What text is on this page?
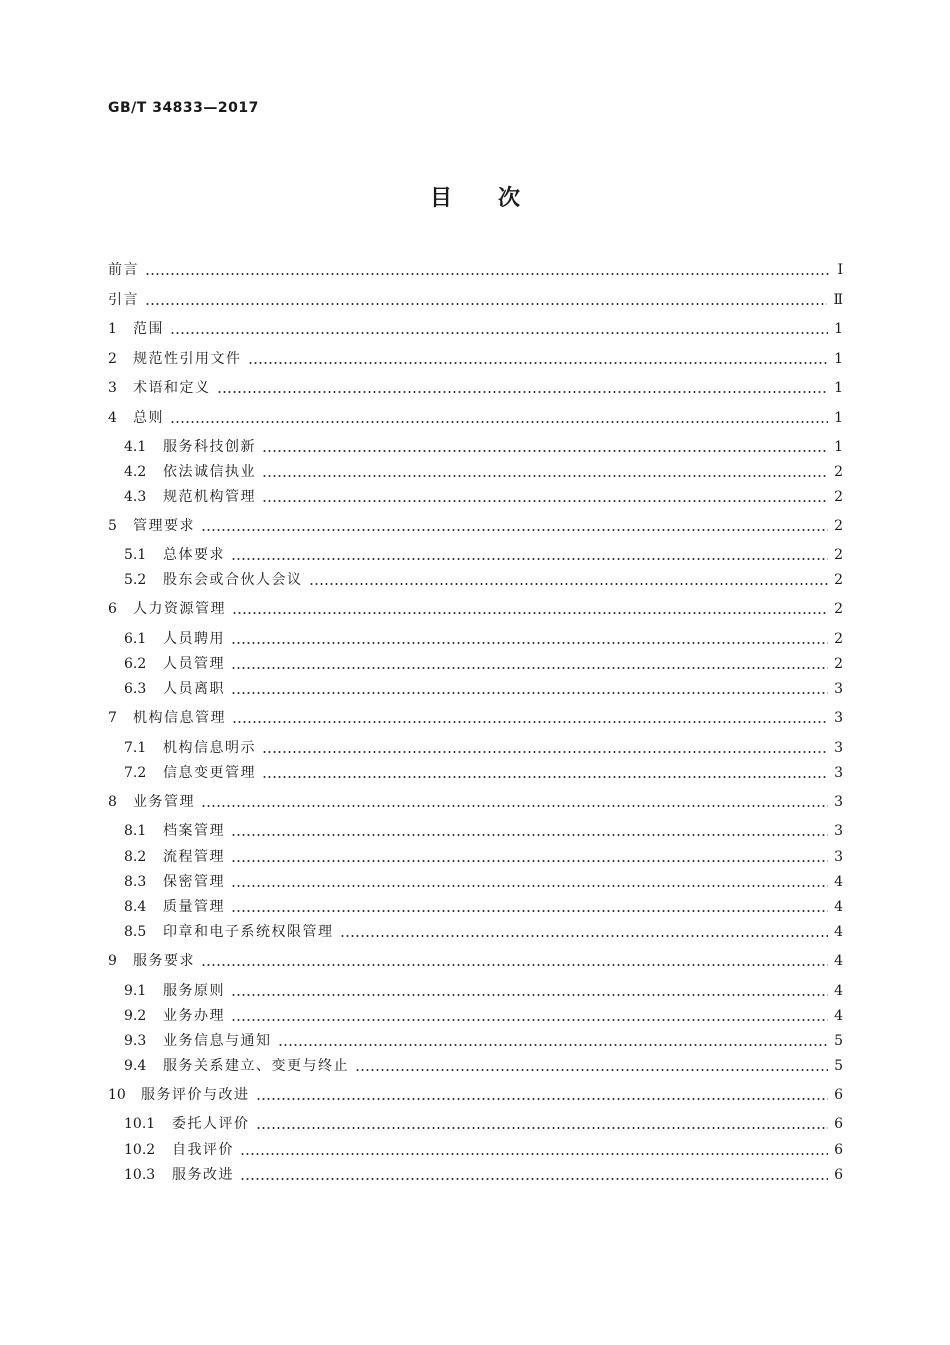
GB/T 34833—2017
目次
前言	Ⅰ
引言	Ⅱ
1	范围	1
2	规范性引用文件	1
3	术语和定义	1
4	总则	1
4.1	服务科技创新	1
4.2	依法诚信执业	2
4.3	规范机构管理	2
5	管理要求	2
5.1	总体要求	2
5.2	股东会或合伙人会议	2
6	人力资源管理	2
6.1	人员聘用	2
6.2	人员管理	2
6.3	人员离职	3
7	机构信息管理	3
7.1	机构信息明示	3
7.2	信息变更管理	3
8	业务管理	3
8.1	档案管理	3
8.2	流程管理	3
8.3	保密管理	4
8.4	质量管理	4
8.5	印章和电子系统权限管理	4
9	服务要求	4
9.1	服务原则	4
9.2	业务办理	4
9.3	业务信息与通知	5
9.4	服务关系建立、变更与终止	5
10	服务评价与改进	6
10.1	委托人评价	6
10.2	自我评价	6
10.3	服务改进	6
